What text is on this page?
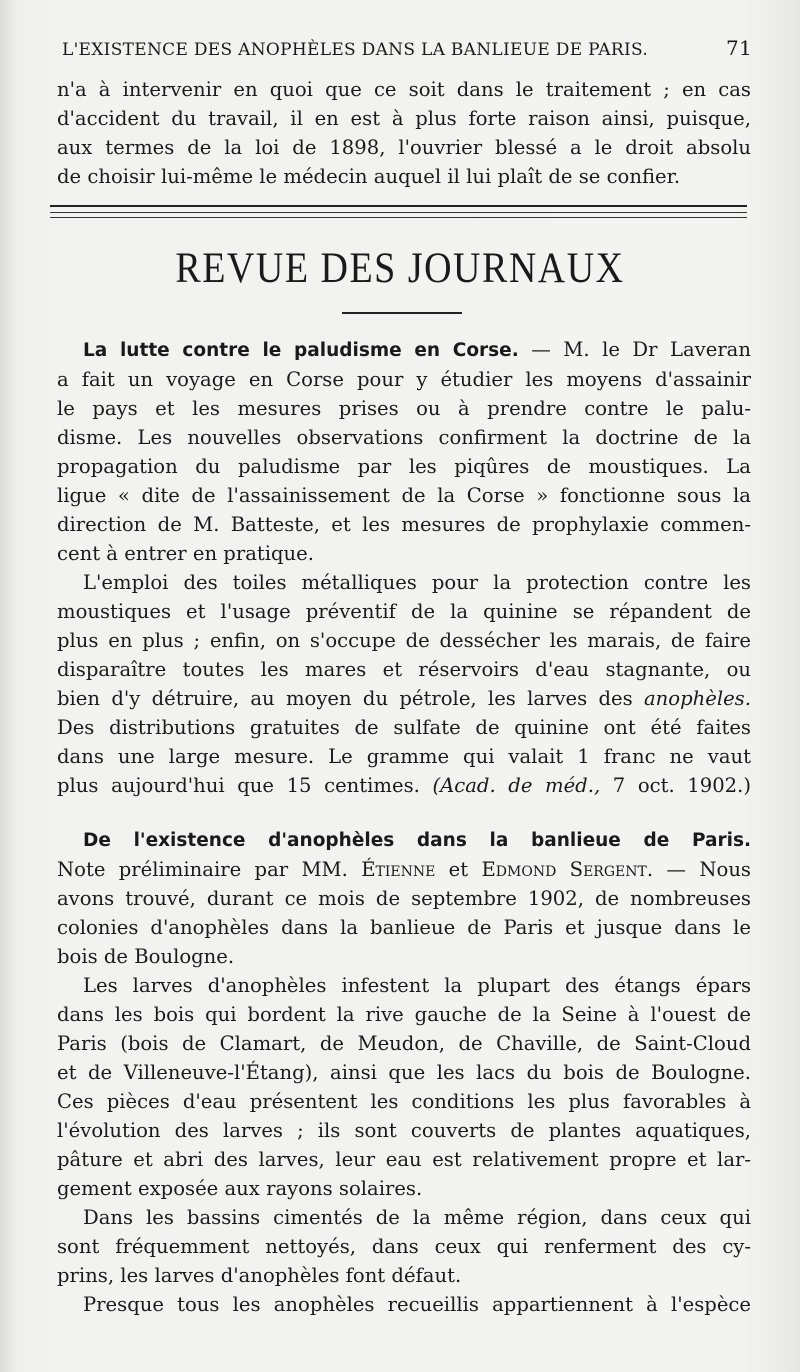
L'EXISTENCE DES ANOPHÈLES DANS LA BANLIEUE DE PARIS.	71

n'a à intervenir en quoi que ce soit dans le traitement ; en cas
d'accident du travail, il en est à plus forte raison ainsi, puisque,
aux termes de la loi de 1898, l'ouvrier blessé a le droit absolu
de choisir lui-même le médecin auquel il lui plaît de se confier.

REVUE DES JOURNAUX

La lutte contre le paludisme en Corse. — M. le Dr Laveran
a fait un voyage en Corse pour y étudier les moyens d'assainir
le pays et les mesures prises ou à prendre contre le palu-
disme. Les nouvelles observations confirment la doctrine de la
propagation du paludisme par les piqûres de moustiques. La
ligue « dite de l'assainissement de la Corse » fonctionne sous la
direction de M. Batteste, et les mesures de prophylaxie commen-
cent à entrer en pratique.

L'emploi des toiles métalliques pour la protection contre les
moustiques et l'usage préventif de la quinine se répandent de
plus en plus ; enfin, on s'occupe de dessécher les marais, de faire
disparaître toutes les mares et réservoirs d'eau stagnante, ou
bien d'y détruire, au moyen du pétrole, les larves des anophèles.
Des distributions gratuites de sulfate de quinine ont été faites
dans une large mesure. Le gramme qui valait 1 franc ne vaut
plus aujourd'hui que 15 centimes. (Acad. de méd., 7 oct. 1902.)

De l'existence d'anophèles dans la banlieue de Paris.
Note préliminaire par MM. Étienne et Edmond Sergent. — Nous
avons trouvé, durant ce mois de septembre 1902, de nombreuses
colonies d'anophèles dans la banlieue de Paris et jusque dans le
bois de Boulogne.

Les larves d'anophèles infestent la plupart des étangs épars
dans les bois qui bordent la rive gauche de la Seine à l'ouest de
Paris (bois de Clamart, de Meudon, de Chaville, de Saint-Cloud
et de Villeneuve-l'Étang), ainsi que les lacs du bois de Boulogne.
Ces pièces d'eau présentent les conditions les plus favorables à
l'évolution des larves ; ils sont couverts de plantes aquatiques,
pâture et abri des larves, leur eau est relativement propre et lar-
gement exposée aux rayons solaires.

Dans les bassins cimentés de la même région, dans ceux qui
sont fréquemment nettoyés, dans ceux qui renferment des cy-
prins, les larves d'anophèles font défaut.

Presque tous les anophèles recueillis appartiennent à l'espèce
